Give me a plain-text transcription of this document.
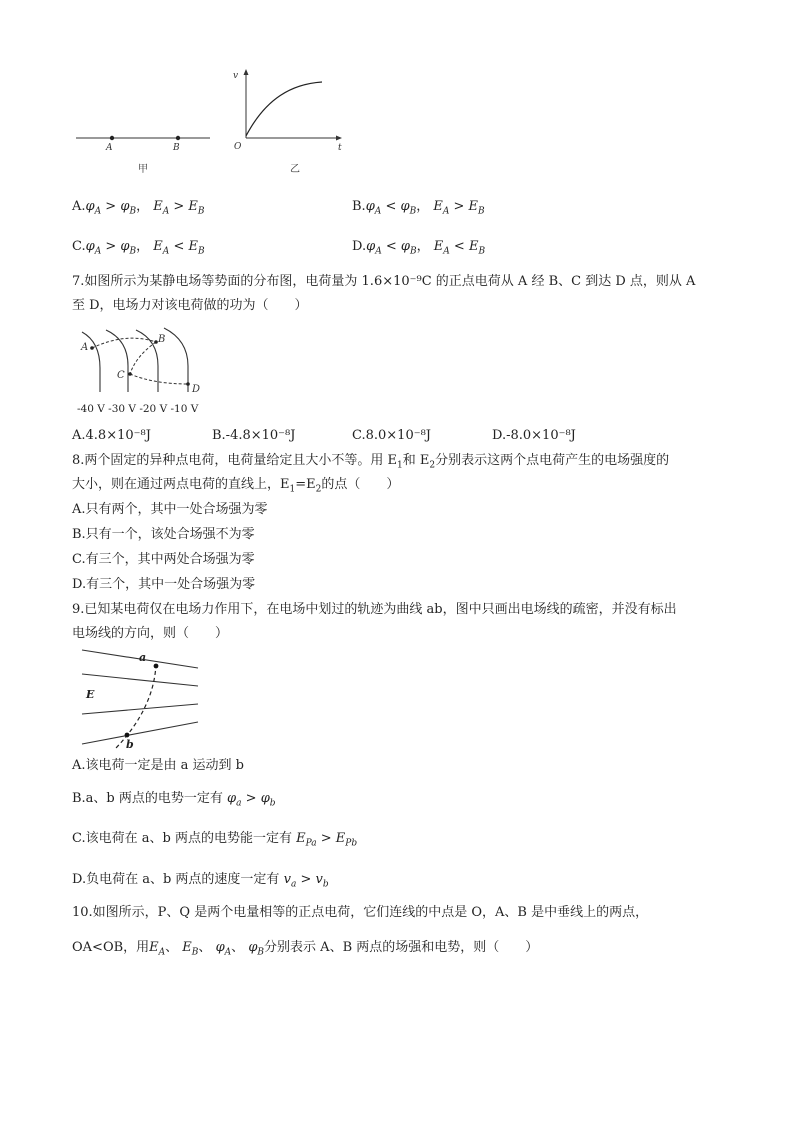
A	B
甲
v
t
O
乙
$A.\varphi_A > \varphi_B$， $E_A > E_B$	$B.\varphi_A < \varphi_B$， $E_A > E_B$
$C.\varphi_A > \varphi_B$， $E_A < E_B$	$D.\varphi_A < \varphi_B$， $E_A < E_B$
7.如图所示为某静电场等势面的分布图，电荷量为 1.6×10⁻⁹C 的正点电荷从 A 经 B、C 到达 D 点，则从 A
至 D，电场力对该电荷做的功为（　　）
A
B
C
D
-40 V -30 V -20 V -10 V
A.4.8×10⁻⁸J	B.-4.8×10⁻⁸J	C.8.0×10⁻⁸J	D.-8.0×10⁻⁸J
8.两个固定的异种点电荷，电荷量给定且大小不等。用 $E_1$和 $E_2$分别表示这两个点电荷产生的电场强度的
大小，则在通过两点电荷的直线上，$E_1=E_2$的点（　　）
A.只有两个，其中一处合场强为零
B.只有一个，该处合场强不为零
C.有三个，其中两处合场强为零
D.有三个，其中一处合场强为零
9.已知某电荷仅在电场力作用下，在电场中划过的轨迹为曲线 ab，图中只画出电场线的疏密，并没有标出
电场线的方向，则（　　）
a
b
E
A.该电荷一定是由 a 运动到 b
B.a、b 两点的电势一定有 $\varphi_a > \varphi_b$
C.该电荷在 a、b 两点的电势能一定有 $E_{Pa} > E_{Pb}$
D.负电荷在 a、b 两点的速度一定有 $v_a > v_b$
10.如图所示，P、Q 是两个电量相等的正点电荷，它们连线的中点是 O，A、B 是中垂线上的两点，
OA<OB，用$E_A$、 $E_B$、 $\varphi_A$、 $\varphi_B$分别表示 A、B 两点的场强和电势，则（　　）
